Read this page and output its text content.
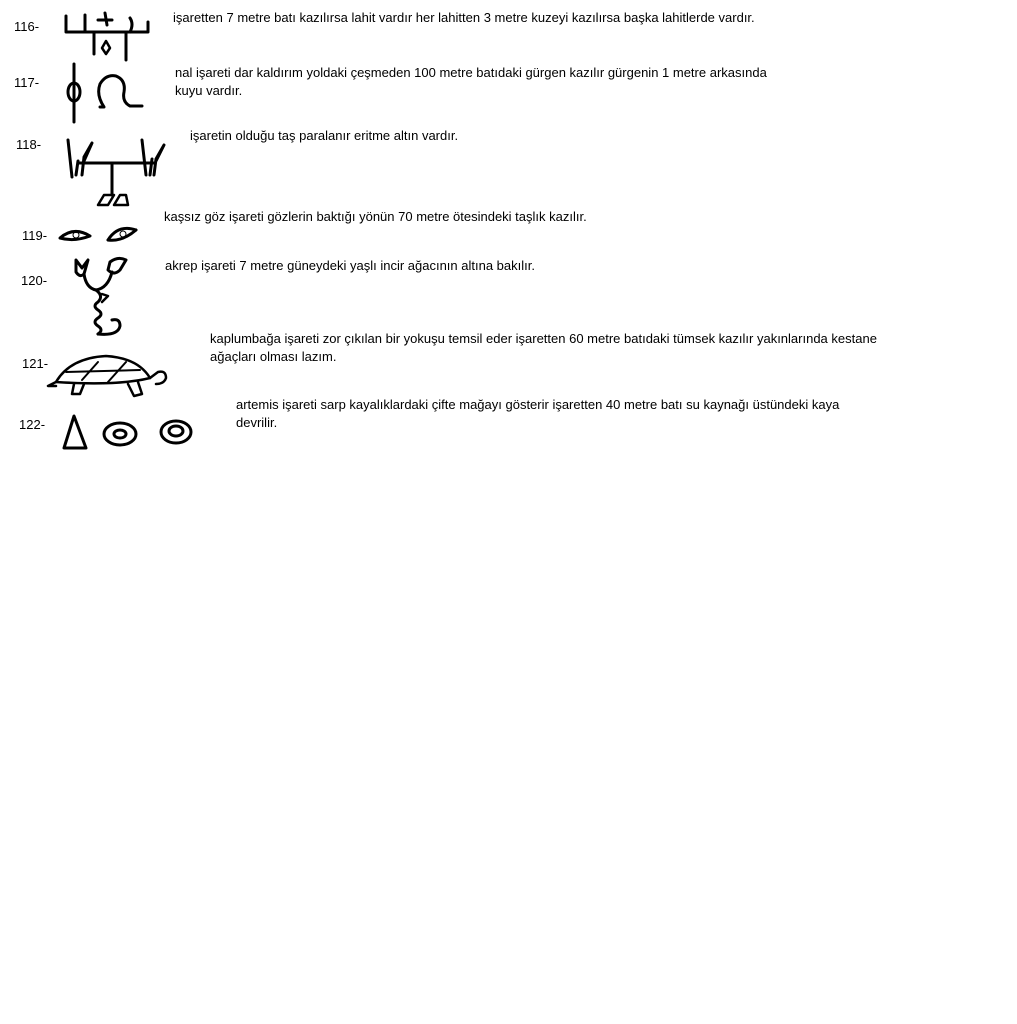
116-
işaretten 7 metre batı kazılırsa lahit vardır her lahitten 3 metre kuzeyi kazılırsa başka lahitlerde vardır.
117-
nal işareti dar kaldırım yoldaki çeşmeden 100 metre batıdaki gürgen kazılır gürgenin 1 metre arkasında
kuyu vardır.
118-
işaretin olduğu taş paralanır eritme altın vardır.
119-
kaşsız göz işareti gözlerin baktığı yönün 70 metre ötesindeki taşlık kazılır.
120-
akrep işareti 7 metre güneydeki yaşlı incir ağacının altına bakılır.
121-
kaplumbağa işareti zor çıkılan bir yokuşu temsil eder işaretten 60 metre batıdaki tümsek kazılır yakınlarında kestane
ağaçları olması lazım.
122-
artemis işareti sarp kayalıklardaki çifte mağayı gösterir işaretten 40 metre batı su kaynağı üstündeki kaya
devrilir.
